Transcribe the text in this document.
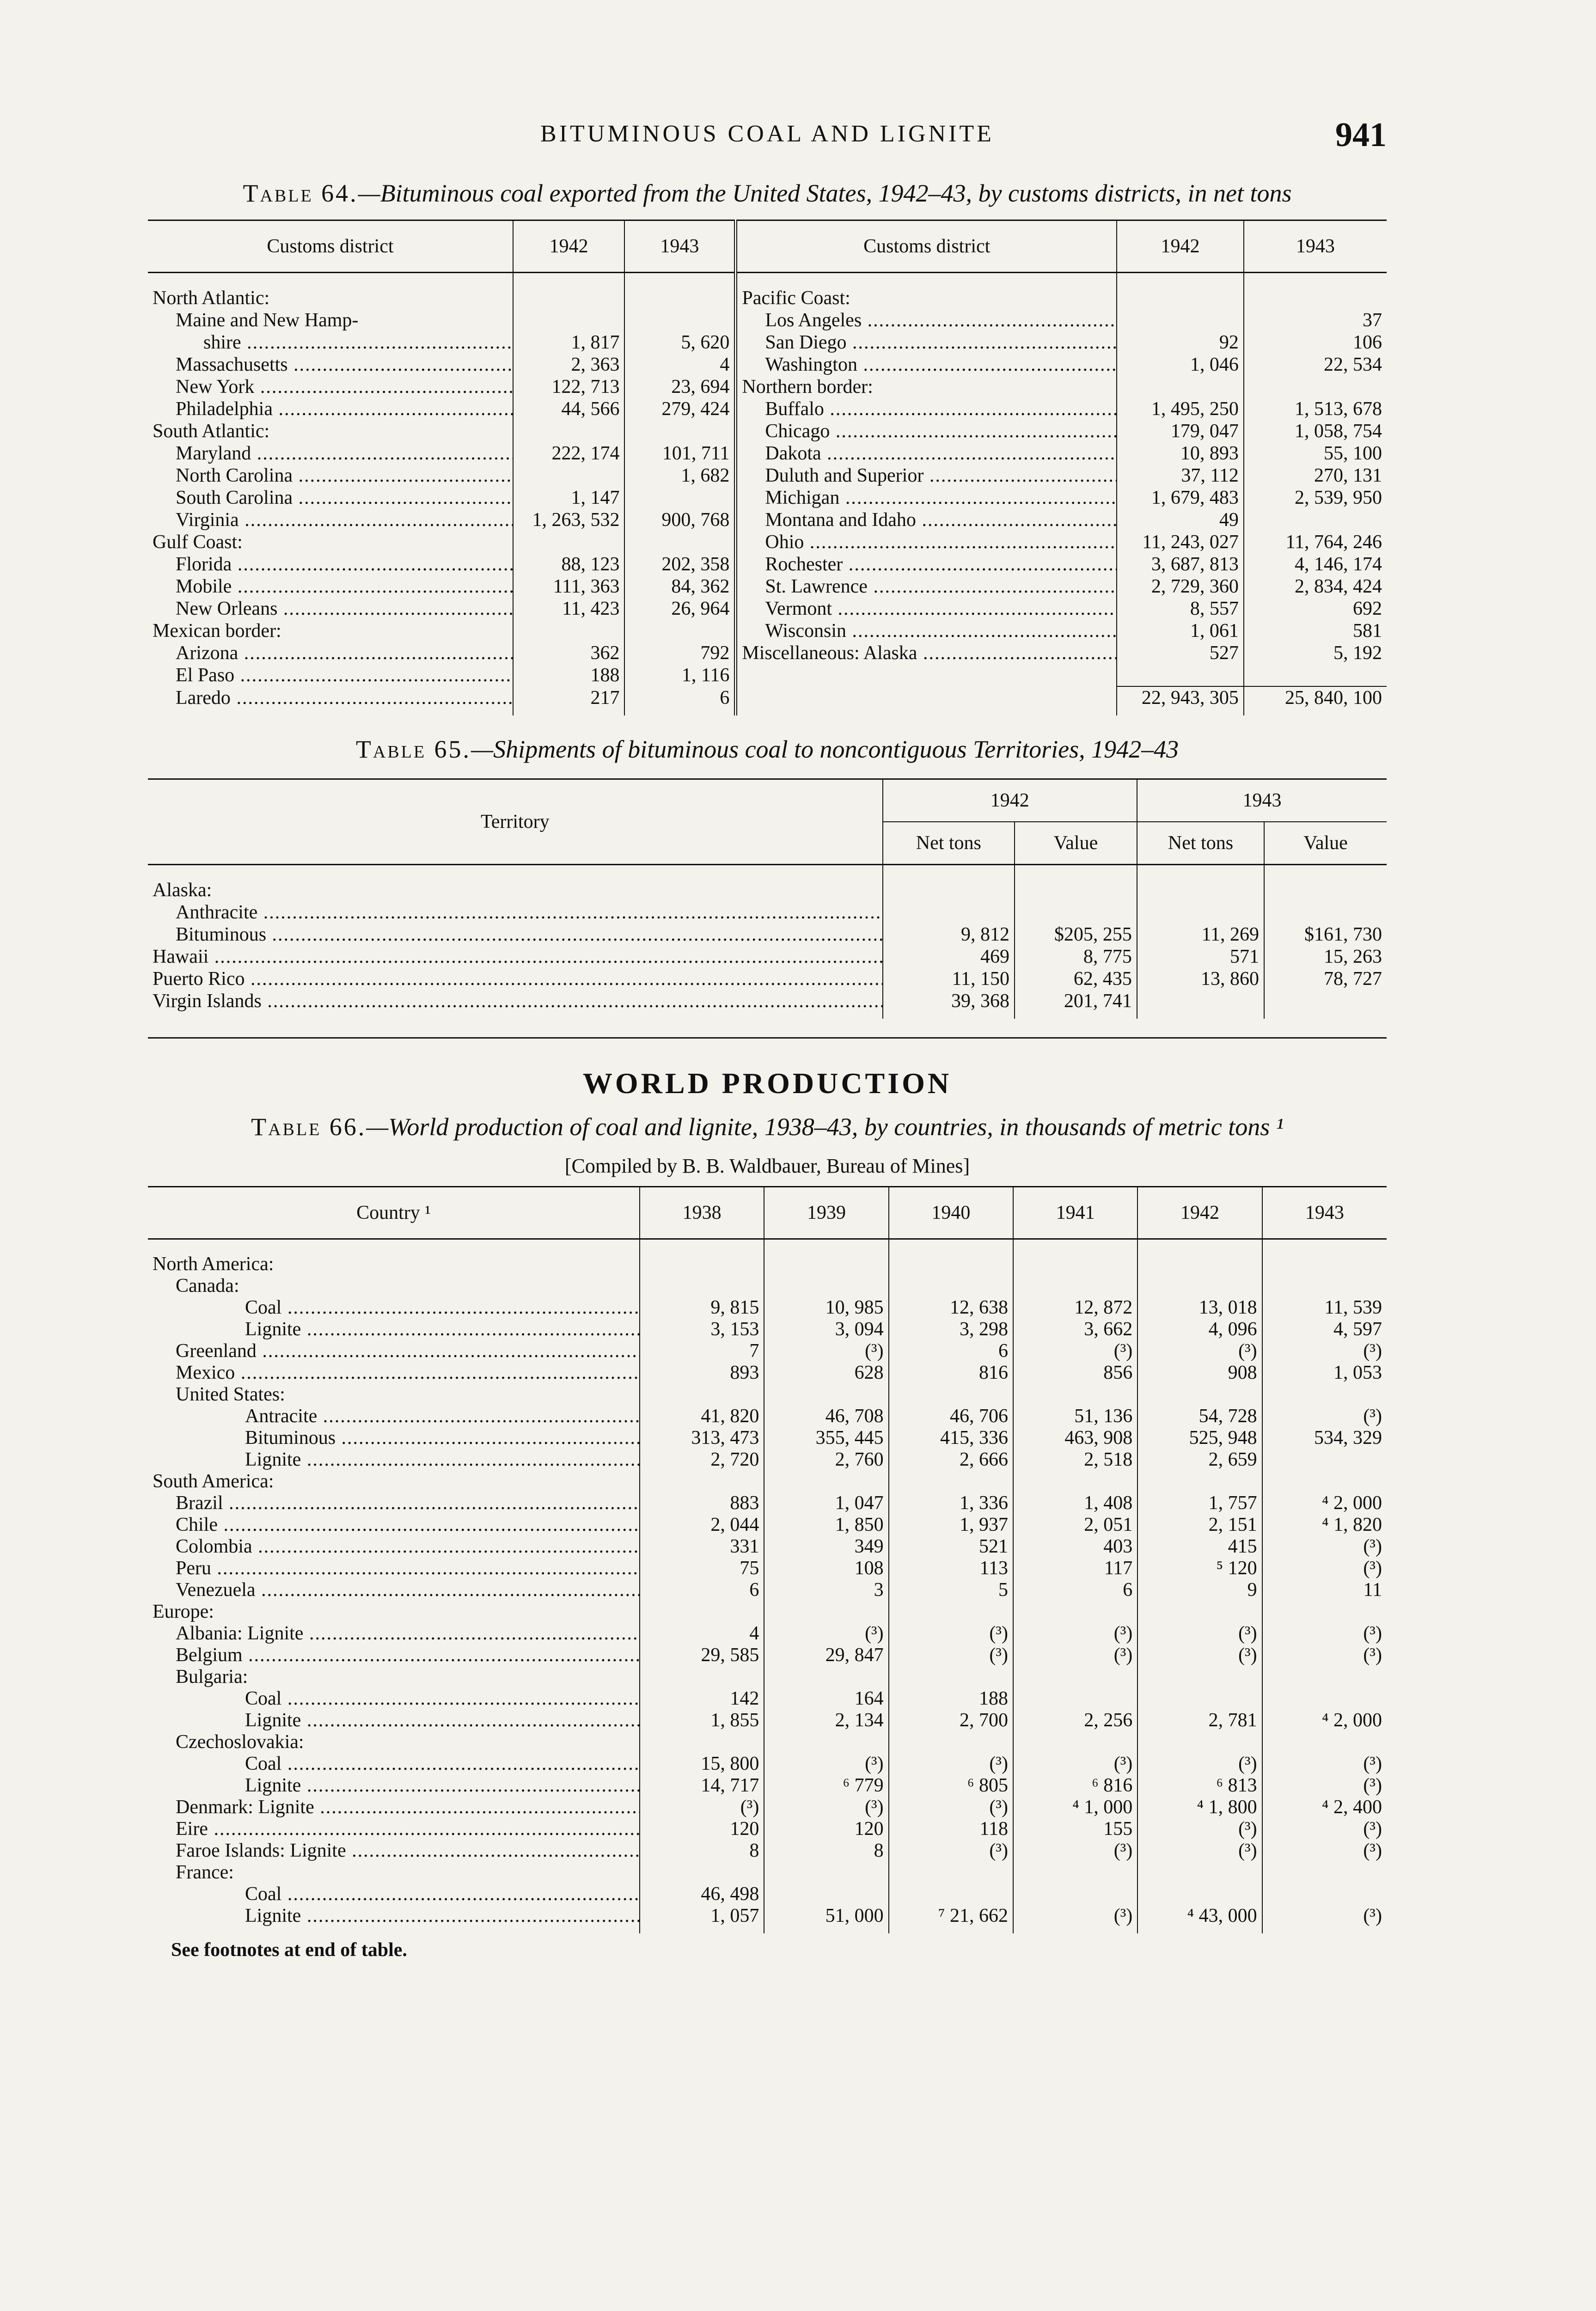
BITUMINOUS COAL AND LIGNITE	941
Table 64.—Bituminous coal exported from the United States, 1942–43, by customs districts, in net tons
Customs district	1942	1943	Customs district	1942	1943

North Atlantic:			Pacific Coast:		

Maine and New Hamp-			Los Angeles .....		37

shire .....	1, 817	5, 620	San Diego .....	92	106

Massachusetts .....	2, 363	4	Washington .....	1, 046	22, 534

New York .....	122, 713	23, 694	Northern border:		

Philadelphia .....	44, 566	279, 424	Buffalo .....	1, 495, 250	1, 513, 678

South Atlantic:			Chicago .....	179, 047	1, 058, 754

Maryland .....	222, 174	101, 711	Dakota .....	10, 893	55, 100

North Carolina .....		1, 682	Duluth and Superior .....	37, 112	270, 131

South Carolina .....	1, 147		Michigan .....	1, 679, 483	2, 539, 950

Virginia .....	1, 263, 532	900, 768	Montana and Idaho .....	49	

Gulf Coast:			Ohio .....	11, 243, 027	11, 764, 246

Florida .....	88, 123	202, 358	Rochester .....	3, 687, 813	4, 146, 174

Mobile .....	111, 363	84, 362	St. Lawrence .....	2, 729, 360	2, 834, 424

New Orleans .....	11, 423	26, 964	Vermont .....	8, 557	692

Mexican border:			Wisconsin .....	1, 061	581

Arizona .....	362	792	Miscellaneous: Alaska .....	527	5, 192

El Paso .....	188	1, 116	

Laredo .....	217	6		22, 943, 305	25, 840, 100
Table 65.—Shipments of bituminous coal to noncontiguous Territories, 1942–43
Territory	1942		1943	
	Net tons	Value	Net tons	Value

Alaska:				

Anthracite .....

Bituminous .....	9, 812	$205, 255	11, 269	$161, 730

Hawaii .....	469	8, 775	571	15, 263

Puerto Rico .....	11, 150	62, 435	13, 860	78, 727

Virgin Islands .....	39, 368	201, 741		
WORLD PRODUCTION
Table 66.—World production of coal and lignite, 1938–43, by countries, in thousands of metric tons ¹
[Compiled by B. B. Waldbauer, Bureau of Mines]
Country ¹	1938	1939	1940	1941	1942	1943

North America:						

Canada:						

Coal .....	9, 815	10, 985	12, 638	12, 872	13, 018	11, 539

Lignite .....	3, 153	3, 094	3, 298	3, 662	4, 096	4, 597

Greenland .....	7	(³)	6	(³)	(³)	(³)

Mexico .....	893	628	816	856	908	1, 053

United States:						

Antracite .....	41, 820	46, 708	46, 706	51, 136	54, 728	(³)

Bituminous .....	313, 473	355, 445	415, 336	463, 908	525, 948	534, 329

Lignite .....	2, 720	2, 760	2, 666	2, 518	2, 659	

South America:						

Brazil .....	883	1, 047	1, 336	1, 408	1, 757	⁴ 2, 000

Chile .....	2, 044	1, 850	1, 937	2, 051	2, 151	⁴ 1, 820

Colombia .....	331	349	521	403	415	(³)

Peru .....	75	108	113	117	⁵ 120	(³)

Venezuela .....	6	3	5	6	9	11

Europe:						

Albania: Lignite .....	4	(³)	(³)	(³)	(³)	(³)

Belgium .....	29, 585	29, 847	(³)	(³)	(³)	(³)

Bulgaria:						

Coal .....	142	164	188			

Lignite .....	1, 855	2, 134	2, 700	2, 256	2, 781	⁴ 2, 000

Czechoslovakia:						

Coal .....	15, 800	(³)	(³)	(³)	(³)	(³)

Lignite .....	14, 717	⁶ 779	⁶ 805	⁶ 816	⁶ 813	(³)

Denmark: Lignite .....	(³)	(³)	(³)	⁴ 1, 000	⁴ 1, 800	⁴ 2, 400

Eire .....	120	120	118	155	(³)	(³)

Faroe Islands: Lignite .....	8	8	(³)	(³)	(³)	(³)

France:						

Coal .....	46, 498					

Lignite .....	1, 057	51, 000	⁷ 21, 662	(³)	⁴ 43, 000	(³)
See footnotes at end of table.
